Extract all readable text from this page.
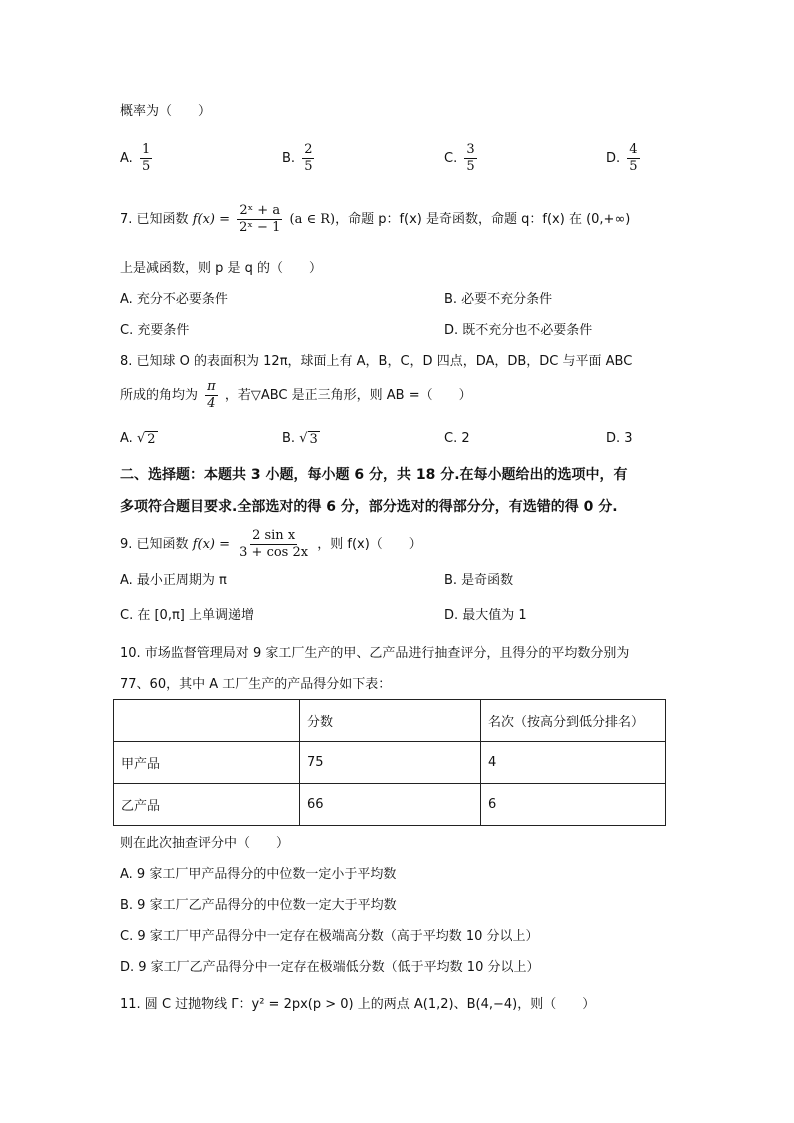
概率为（　　）
A. $\frac{1}{5}$	B. $\frac{2}{5}$	C. $\frac{3}{5}$	D. $\frac{4}{5}$
7. 已知函数 $f(x) = \frac{\text{2ˣ + a}}{\text{2ˣ − 1}} (a$ ∈ R)，命题 p：f(x) 是奇函数，命题 q：f(x) 在 (0,+∞)
上是减函数，则 p 是 q 的（　　）
A. 充分不必要条件	B. 必要不充分条件
C. 充要条件	D. 既不充分也不必要条件
8. 已知球 O 的表面积为 12π，球面上有 A，B，C，D 四点，DA，DB，DC 与平面 ABC
所成的角均为 $\frac{\pi}{4}$ ，若▽ABC 是正三角形，则 AB =（　　）
A. √ 2	B. √ 3	C. 2	D. 3
二、选择题：本题共 3 小题，每小题 6 分，共 18 分.在每小题给出的选项中，有
多项符合题目要求.全部选对的得 6 分，部分选对的得部分分，有选错的得 0 分.
9. 已知函数 $f(x) = \frac{\text{2 sin x}}{3 + \cos 2x}$ ，则 f(x)（　　）
A. 最小正周期为 π	B. 是奇函数
C. 在 [0,π] 上单调递增	D. 最大值为 1
10. 市场监督管理局对 9 家工厂生产的甲、乙产品进行抽查评分，且得分的平均数分别为
77、60，其中 A 工厂生产的产品得分如下表：
	分数	名次（按高分到低分排名）
甲产品	75	4
乙产品	66	6
则在此次抽查评分中（　　）
A. 9 家工厂甲产品得分的中位数一定小于平均数
B. 9 家工厂乙产品得分的中位数一定大于平均数
C. 9 家工厂甲产品得分中一定存在极端高分数（高于平均数 10 分以上）
D. 9 家工厂乙产品得分中一定存在极端低分数（低于平均数 10 分以上）
11. 圆 C 过抛物线 Γ：y² = 2px(p > 0) 上的两点 A(1,2)、B(4,−4)，则（　　）
